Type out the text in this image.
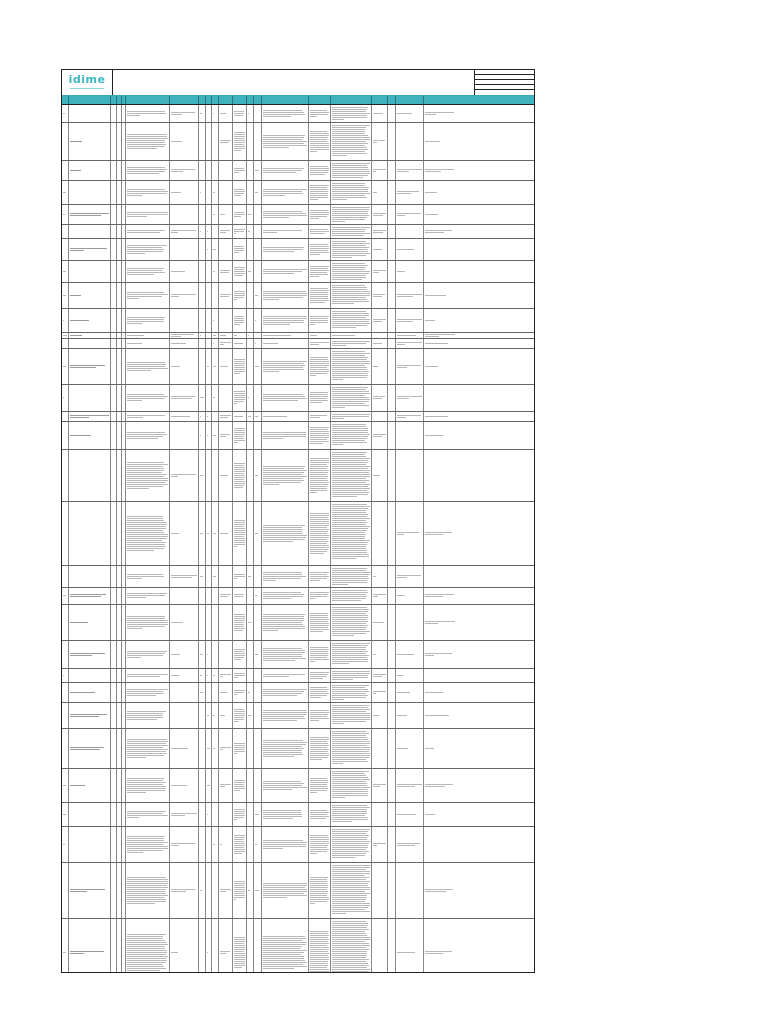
idime
